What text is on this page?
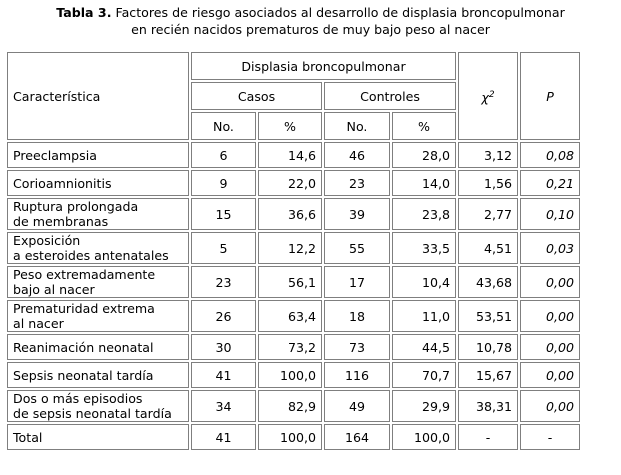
Tabla 3. Factores de riesgo asociados al desarrollo de displasia broncopulmonar
en recién nacidos prematuros de muy bajo peso al nacer
Característica	Displasia broncopulmonar				$\chi^2$	P
	Casos		Controles			
	No.	%	No.	%		
Preeclampsia	6	14,6	46	28,0	3,12	0,08
Corioamnionitis	9	22,0	23	14,0	1,56	0,21
Ruptura prolongada
de membranas	15	36,6	39	23,8	2,77	0,10
Exposición
a esteroides antenatales	5	12,2	55	33,5	4,51	0,03
Peso extremadamente
bajo al nacer	23	56,1	17	10,4	43,68	0,00
Prematuridad extrema
al nacer	26	63,4	18	11,0	53,51	0,00
Reanimación neonatal	30	73,2	73	44,5	10,78	0,00
Sepsis neonatal tardía	41	100,0	116	70,7	15,67	0,00
Dos o más episodios
de sepsis neonatal tardía	34	82,9	49	29,9	38,31	0,00
Total	41	100,0	164	100,0	-	-
